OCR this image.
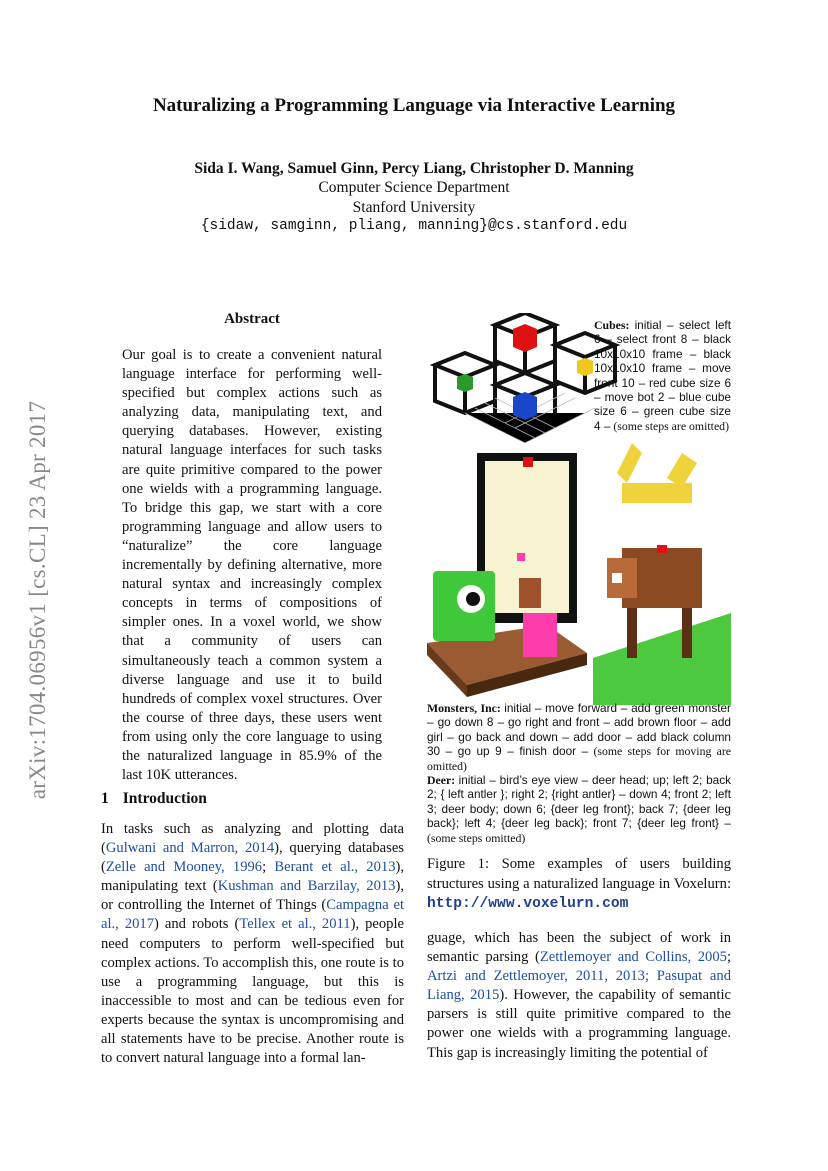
arXiv:1704.06956v1 [cs.CL] 23 Apr 2017
Naturalizing a Programming Language via Interactive Learning
Sida I. Wang, Samuel Ginn, Percy Liang, Christopher D. Manning
Computer Science Department
Stanford University
{sidaw, samginn, pliang, manning}@cs.stanford.edu
Abstract

Our goal is to create a convenient natural language interface for performing well-specified but complex actions such as analyzing data, manipulating text, and querying databases. However, existing natural language interfaces for such tasks are quite primitive compared to the power one wields with a programming language. To bridge this gap, we start with a core programming language and allow users to “naturalize” the core language incrementally by defining alternative, more natural syntax and increasingly complex concepts in terms of compositions of simpler ones. In a voxel world, we show that a community of users can simultaneously teach a common system a diverse language and use it to build hundreds of complex voxel structures. Over the course of three days, these users went from using only the core language to using the naturalized language in 85.9% of the last 10K utterances.

1 Introduction

In tasks such as analyzing and plotting data (Gulwani and Marron, 2014), querying databases (Zelle and Mooney, 1996; Berant et al., 2013), manipulating text (Kushman and Barzilay, 2013), or controlling the Internet of Things (Campagna et al., 2017) and robots (Tellex et al., 2011), people need computers to perform well-specified but complex actions. To accomplish this, one route is to use a programming language, but this is inaccessible to most and can be tedious even for experts because the syntax is uncompromising and all statements have to be precise. Another route is to convert natural language into a formal lan-

Cubes: initial – select left 6 – select front 8 – black 10x10x10 frame – black 10x10x10 frame – move front 10 – red cube size 6 – move bot 2 – blue cube size 6 – green cube size 4 – (some steps are omitted)
Monsters, Inc: initial – move forward – add green monster – go down 8 – go right and front – add brown floor – add girl – go back and down – add door – add black column 30 – go up 9 – finish door – (some steps for moving are omitted)
Deer: initial – bird’s eye view – deer head; up; left 2; back 2; { left antler }; right 2; {right antler} – down 4; front 2; left 3; deer body; down 6; {deer leg front}; back 7; {deer leg back}; left 4; {deer leg back}; front 7; {deer leg front} – (some steps omitted)
Figure 1: Some examples of users building structures using a naturalized language in Voxelurn: http://www.voxelurn.com

guage, which has been the subject of work in semantic parsing (Zettlemoyer and Collins, 2005; Artzi and Zettlemoyer, 2011, 2013; Pasupat and Liang, 2015). However, the capability of semantic parsers is still quite primitive compared to the power one wields with a programming language. This gap is increasingly limiting the potential of
